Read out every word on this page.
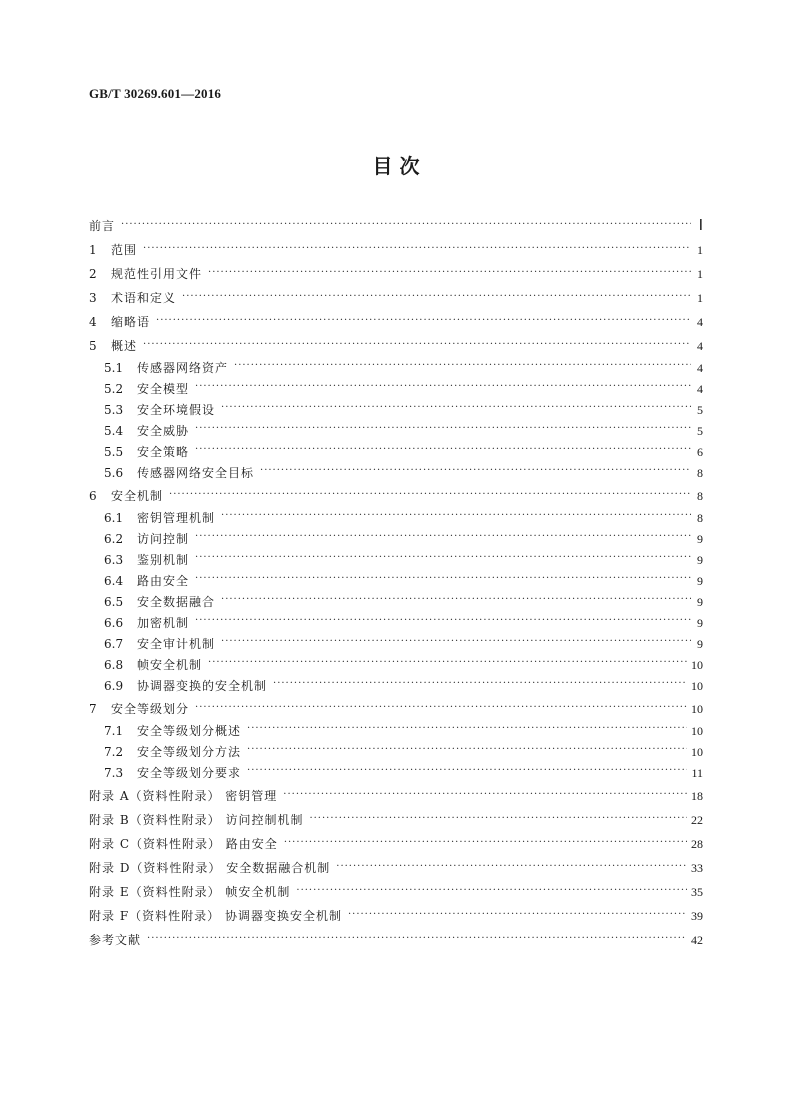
GB/T 30269.601—2016
目 次
前言 ·····	Ⅰ
1	范围 ·····	1
2	规范性引用文件 ·····	1
3	术语和定义 ·····	1
4	缩略语 ·····	4
5	概述 ·····	4
5.1	传感器网络资产 ·····	4
5.2	安全模型 ·····	4
5.3	安全环境假设 ·····	5
5.4	安全威胁 ·····	5
5.5	安全策略 ·····	6
5.6	传感器网络安全目标 ·····	8
6	安全机制 ·····	8
6.1	密钥管理机制 ·····	8
6.2	访问控制 ·····	9
6.3	鉴别机制 ·····	9
6.4	路由安全 ·····	9
6.5	安全数据融合 ·····	9
6.6	加密机制 ·····	9
6.7	安全审计机制 ·····	9
6.8	帧安全机制 ·····	10
6.9	协调器变换的安全机制 ·····	10
7	安全等级划分 ·····	10
7.1	安全等级划分概述 ·····	10
7.2	安全等级划分方法 ·····	10
7.3	安全等级划分要求 ·····	11
附录 A（资料性附录） 密钥管理 ·····	18
附录 B（资料性附录） 访问控制机制 ·····	22
附录 C（资料性附录） 路由安全 ·····	28
附录 D（资料性附录） 安全数据融合机制 ·····	33
附录 E（资料性附录） 帧安全机制 ·····	35
附录 F（资料性附录） 协调器变换安全机制 ·····	39
参考文献 ·····	42
